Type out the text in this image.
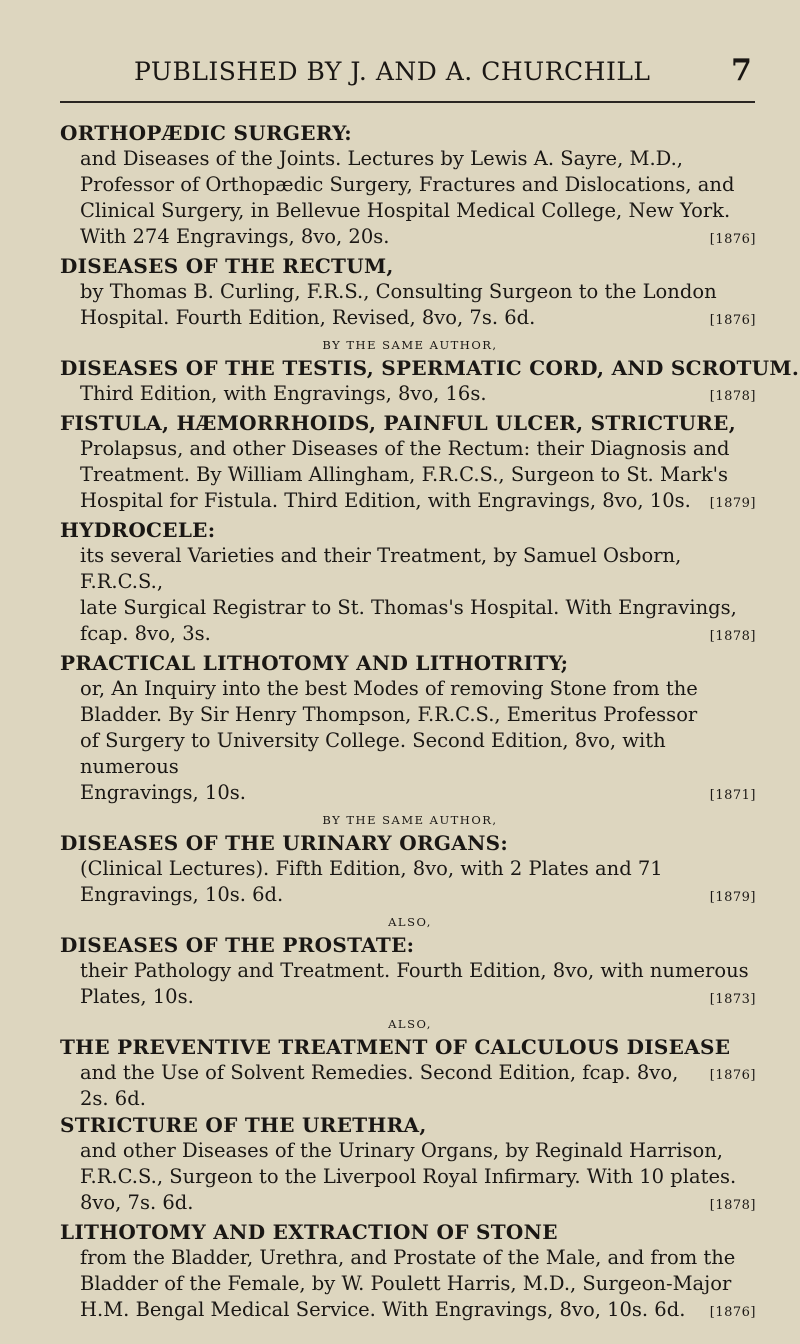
PUBLISHED BY J. AND A. CHURCHILL	7
ORTHOPÆDIC SURGERY:
and Diseases of the Joints. Lectures by Lewis A. Sayre, M.D.,
Professor of Orthopædic Surgery, Fractures and Dislocations, and
Clinical Surgery, in Bellevue Hospital Medical College, New York.
With 274 Engravings, 8vo, 20s.	[1876]
DISEASES OF THE RECTUM,
by Thomas B. Curling, F.R.S., Consulting Surgeon to the London
Hospital. Fourth Edition, Revised, 8vo, 7s. 6d.	[1876]
BY THE SAME AUTHOR,
DISEASES OF THE TESTIS, SPERMATIC CORD, AND SCROTUM.
Third Edition, with Engravings, 8vo, 16s.	[1878]
FISTULA, HÆMORRHOIDS, PAINFUL ULCER, STRICTURE,
Prolapsus, and other Diseases of the Rectum: their Diagnosis and
Treatment. By William Allingham, F.R.C.S., Surgeon to St. Mark's
Hospital for Fistula. Third Edition, with Engravings, 8vo, 10s. [1879]
HYDROCELE:
its several Varieties and their Treatment, by Samuel Osborn, F.R.C.S.,
late Surgical Registrar to St. Thomas's Hospital. With Engravings,
fcap. 8vo, 3s.	[1878]
PRACTICAL LITHOTOMY AND LITHOTRITY;
or, An Inquiry into the best Modes of removing Stone from the
Bladder. By Sir Henry Thompson, F.R.C.S., Emeritus Professor
of Surgery to University College. Second Edition, 8vo, with numerous
Engravings, 10s.	[1871]
BY THE SAME AUTHOR,
DISEASES OF THE URINARY ORGANS:
(Clinical Lectures). Fifth Edition, 8vo, with 2 Plates and 71
Engravings, 10s. 6d.	[1879]
ALSO,
DISEASES OF THE PROSTATE:
their Pathology and Treatment. Fourth Edition, 8vo, with numerous
Plates, 10s.	[1873]
ALSO,
THE PREVENTIVE TREATMENT OF CALCULOUS DISEASE
and the Use of Solvent Remedies. Second Edition, fcap. 8vo, 2s. 6d.
[1876]
STRICTURE OF THE URETHRA,
and other Diseases of the Urinary Organs, by Reginald Harrison,
F.R.C.S., Surgeon to the Liverpool Royal Infirmary. With 10 plates.
8vo, 7s. 6d.	[1878]
LITHOTOMY AND EXTRACTION OF STONE
from the Bladder, Urethra, and Prostate of the Male, and from the
Bladder of the Female, by W. Poulett Harris, M.D., Surgeon-Major
H.M. Bengal Medical Service. With Engravings, 8vo, 10s. 6d. [1876]
